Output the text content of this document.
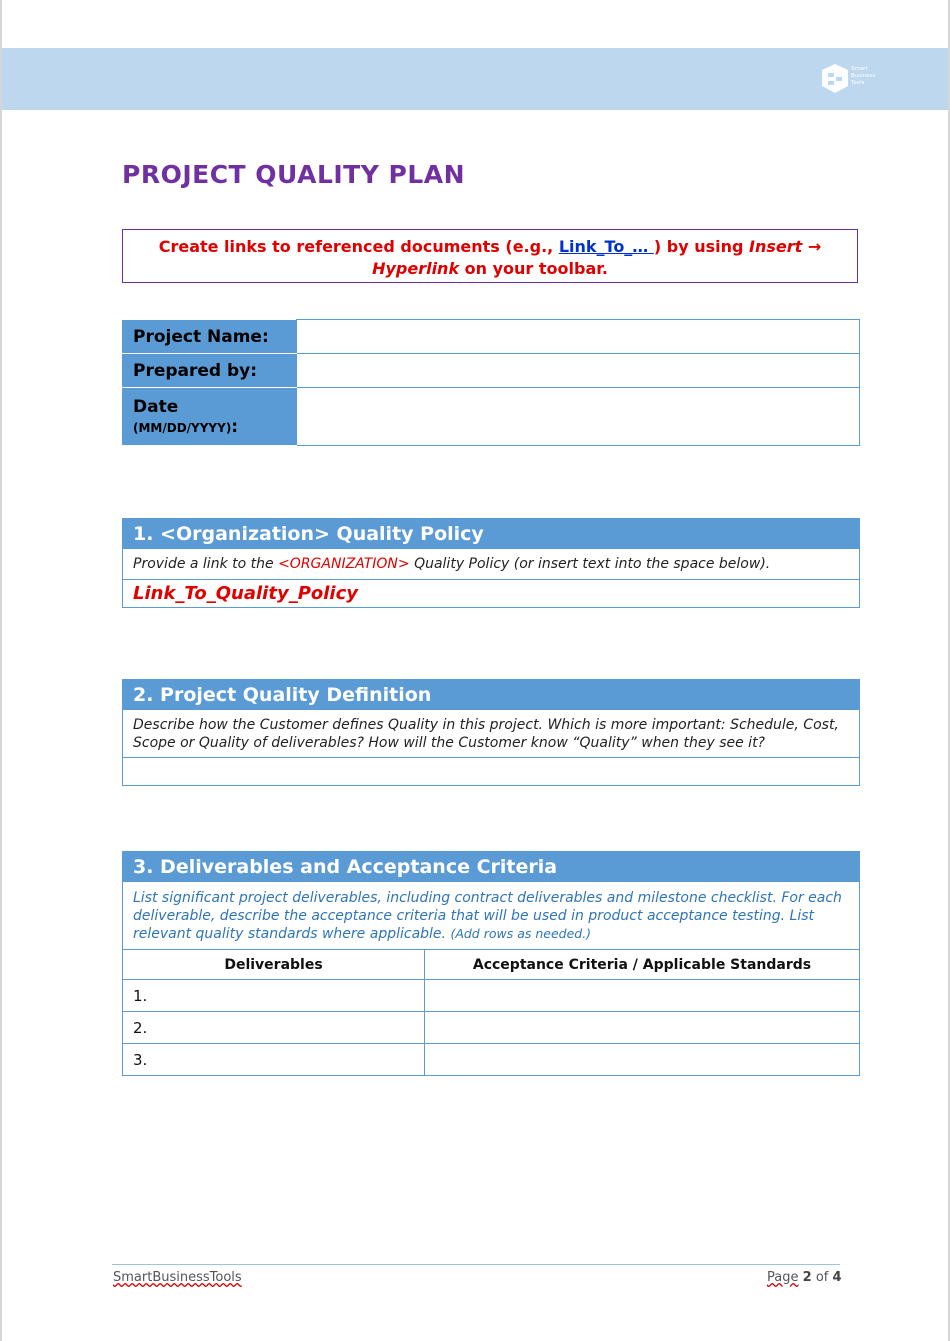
Smart
Business
Tools
PROJECT QUALITY PLAN
Create links to referenced documents (e.g., Link_To_… ) by using Insert →
Hyperlink on your toolbar.
Project Name:	
Prepared by:	
Date
(MM/DD/YYYY):	
1. <Organization> Quality Policy
Provide a link to the <ORGANIZATION> Quality Policy (or insert text into the space below).
Link_To_Quality_Policy
2. Project Quality Definition
Describe how the Customer defines Quality in this project. Which is more important: Schedule, Cost, Scope or Quality of deliverables? How will the Customer know “Quality” when they see it?

3. Deliverables and Acceptance Criteria	
List significant project deliverables, including contract deliverables and milestone checklist. For each deliverable, describe the acceptance criteria that will be used in product acceptance testing. List relevant quality standards where applicable. (Add rows as needed.)	
Deliverables	Acceptance Criteria / Applicable Standards
1.	
2.	
3.	
SmartBusinessTools	Page 2 of 4
